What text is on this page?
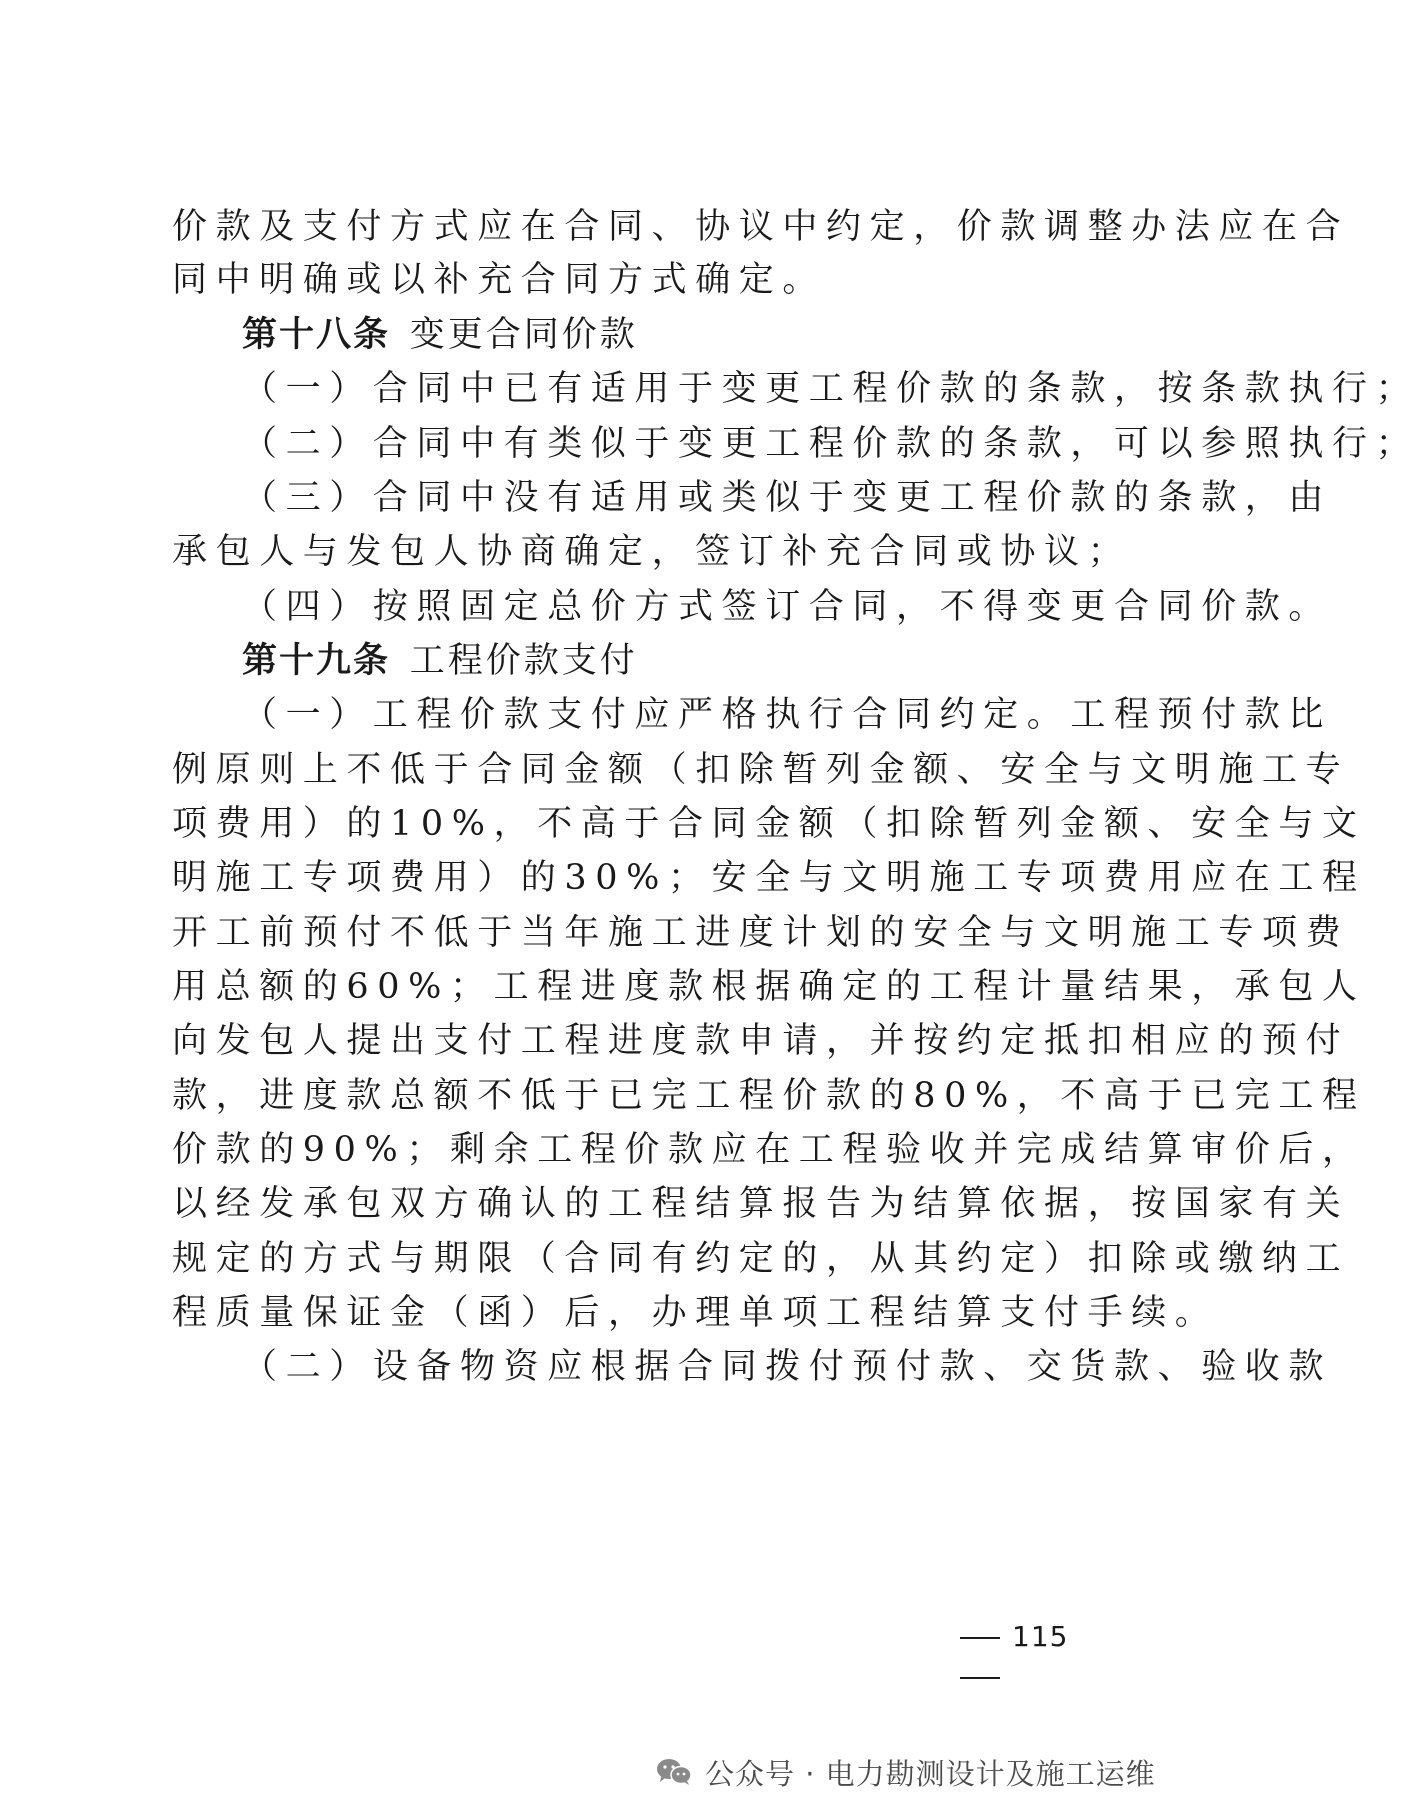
价款及支付方式应在合同、协议中约定，价款调整办法应在合
同中明确或以补充合同方式确定。
第十八条 变更合同价款
（一）合同中已有适用于变更工程价款的条款，按条款执行；
（二）合同中有类似于变更工程价款的条款，可以参照执行；
（三）合同中没有适用或类似于变更工程价款的条款，由
承包人与发包人协商确定，签订补充合同或协议；
（四）按照固定总价方式签订合同，不得变更合同价款。
第十九条 工程价款支付
（一）工程价款支付应严格执行合同约定。工程预付款比
例原则上不低于合同金额（扣除暂列金额、安全与文明施工专
项费用）的10%，不高于合同金额（扣除暂列金额、安全与文
明施工专项费用）的30%；安全与文明施工专项费用应在工程
开工前预付不低于当年施工进度计划的安全与文明施工专项费
用总额的60%；工程进度款根据确定的工程计量结果，承包人
向发包人提出支付工程进度款申请，并按约定抵扣相应的预付
款，进度款总额不低于已完工程价款的80%，不高于已完工程
价款的90%；剩余工程价款应在工程验收并完成结算审价后，
以经发承包双方确认的工程结算报告为结算依据，按国家有关
规定的方式与期限（合同有约定的，从其约定）扣除或缴纳工
程质量保证金（函）后，办理单项工程结算支付手续。
（二）设备物资应根据合同拨付预付款、交货款、验收款
115
公众号 · 电力勘测设计及施工运维
